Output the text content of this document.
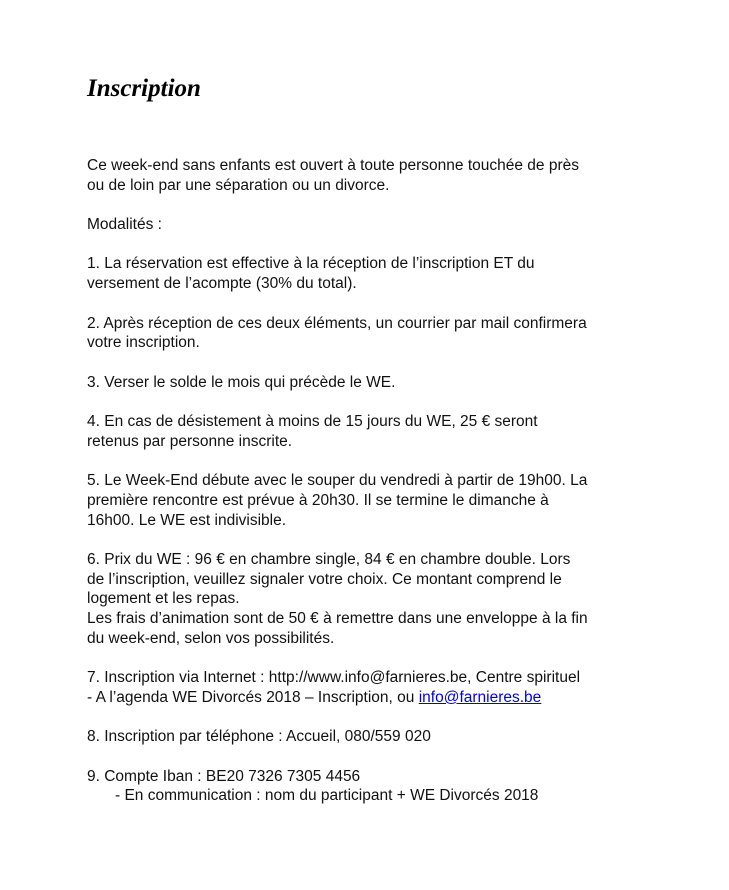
Inscription
Ce week-end sans enfants est ouvert à toute personne touchée de près
ou de loin par une séparation ou un divorce.
Modalités :
1. La réservation est effective à la réception de l’inscription ET du
versement de l’acompte (30% du total).
2. Après réception de ces deux éléments, un courrier par mail confirmera
votre inscription.
3. Verser le solde le mois qui précède le WE.
4. En cas de désistement à moins de 15 jours du WE, 25 € seront
retenus par personne inscrite.
5. Le Week-End débute avec le souper du vendredi à partir de 19h00. La
première rencontre est prévue à 20h30. Il se termine le dimanche à
16h00. Le WE est indivisible.
6. Prix du WE : 96 € en chambre single, 84 € en chambre double. Lors
de l’inscription, veuillez signaler votre choix. Ce montant comprend le
logement et les repas.
Les frais d’animation sont de 50 € à remettre dans une enveloppe à la fin
du week-end, selon vos possibilités.
7. Inscription via Internet : http://www.info@farnieres.be, Centre spirituel
- A l’agenda WE Divorcés 2018 – Inscription, ou info@farnieres.be
8. Inscription par téléphone : Accueil, 080/559 020
9. Compte Iban : BE20 7326 7305 4456
- En communication : nom du participant + WE Divorcés 2018
